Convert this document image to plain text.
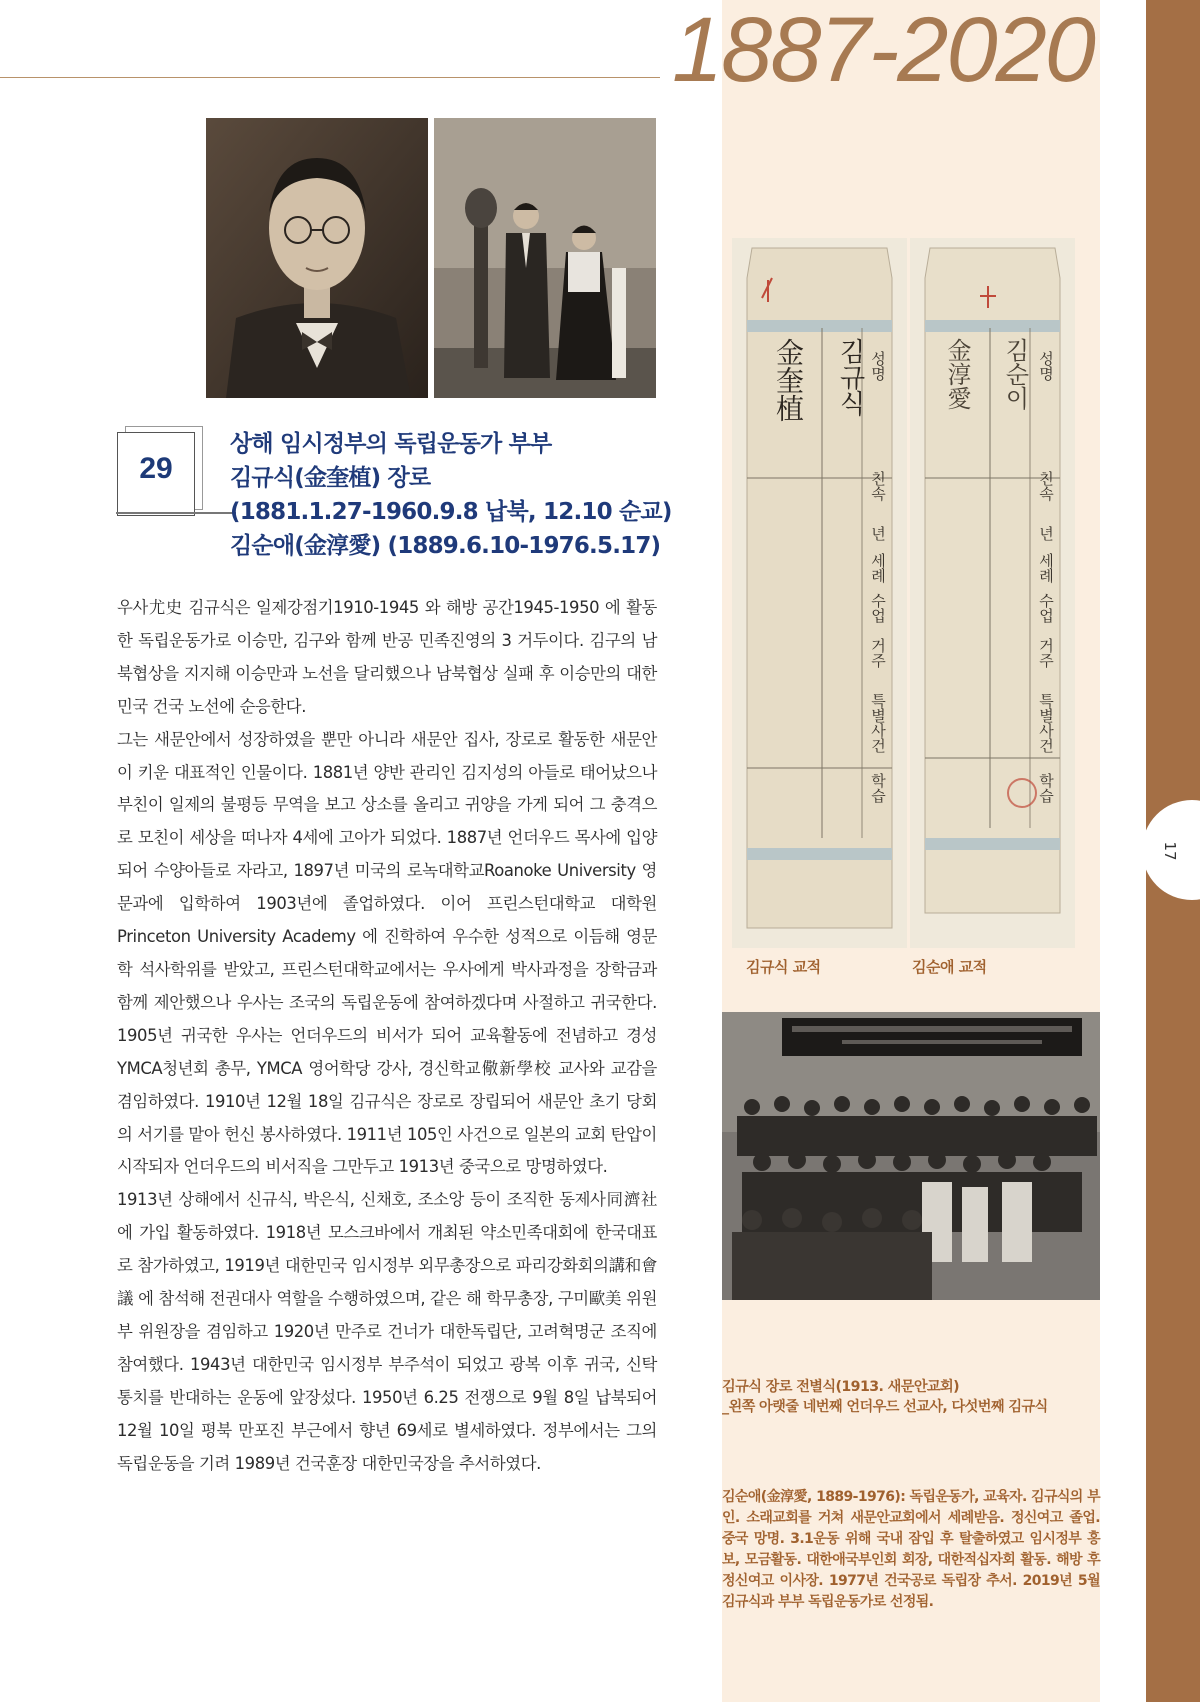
17
1887-2020
29
상해 임시정부의 독립운동가 부부
김규식(金奎植) 장로
(1881.1.27-1960.9.8 납북, 12.10 순교)
김순애(金淳愛) (1889.6.10-1976.5.17)

우사尤史 김규식은 일제강점기1910-1945 와 해방 공간1945-1950 에 활동한 독립운동가로 이승만, 김구와 함께 반공 민족진영의 3 거두이다. 김구의 남북협상을 지지해 이승만과 노선을 달리했으나 남북협상 실패 후 이승만의 대한민국 건국 노선에 순응한다.

그는 새문안에서 성장하였을 뿐만 아니라 새문안 집사, 장로로 활동한 새문안이 키운 대표적인 인물이다. 1881년 양반 관리인 김지성의 아들로 태어났으나 부친이 일제의 불평등 무역을 보고 상소를 올리고 귀양을 가게 되어 그 충격으로 모친이 세상을 떠나자 4세에 고아가 되었다. 1887년 언더우드 목사에 입양되어 수양아들로 자라고, 1897년 미국의 로녹대학교Roanoke University 영문과에 입학하여 1903년에 졸업하였다. 이어 프린스턴대학교 대학원Princeton University Academy 에 진학하여 우수한 성적으로 이듬해 영문학 석사학위를 받았고, 프린스턴대학교에서는 우사에게 박사과정을 장학금과 함께 제안했으나 우사는 조국의 독립운동에 참여하겠다며 사절하고 귀국한다. 1905년 귀국한 우사는 언더우드의 비서가 되어 교육활동에 전념하고 경성 YMCA청년회 총무, YMCA 영어학당 강사, 경신학교儆新學校 교사와 교감을 겸임하였다. 1910년 12월 18일 김규식은 장로로 장립되어 새문안 초기 당회의 서기를 맡아 헌신 봉사하였다. 1911년 105인 사건으로 일본의 교회 탄압이 시작되자 언더우드의 비서직을 그만두고 1913년 중국으로 망명하였다.

1913년 상해에서 신규식, 박은식, 신채호, 조소앙 등이 조직한 동제사同濟社 에 가입 활동하였다. 1918년 모스크바에서 개최된 약소민족대회에 한국대표로 참가하였고, 1919년 대한민국 임시정부 외무총장으로 파리강화회의講和會議 에 참석해 전권대사 역할을 수행하였으며, 같은 해 학무총장, 구미歐美 위원부 위원장을 겸임하고 1920년 만주로 건너가 대한독립단, 고려혁명군 조직에 참여했다. 1943년 대한민국 임시정부 부주석이 되었고 광복 이후 귀국, 신탁통치를 반대하는 운동에 앞장섰다. 1950년 6.25 전쟁으로 9월 8일 납북되어 12월 10일 평북 만포진 부근에서 향년 69세로 별세하였다. 정부에서는 그의 독립운동을 기려 1989년 건국훈장 대한민국장을 추서하였다.

성명
친속
년
세례
수업
거주
특별사건
학습
김규식
金奎植	성명
친속
년
세례
수업
거주
특별사건
학습
김순이
金淳愛
김규식 교적	김순애 교적
김규식 장로 전별식(1913. 새문안교회)
_왼쪽 아랫줄 네번째 언더우드 선교사, 다섯번째 김규식
김순애(金淳愛, 1889-1976): 독립운동가, 교육자. 김규식의 부인. 소래교회를 거쳐 새문안교회에서 세례받음. 정신여고 졸업. 중국 망명. 3.1운동 위해 국내 잠입 후 탈출하였고 임시정부 홍보, 모금활동. 대한애국부인회 회장, 대한적십자회 활동. 해방 후 정신여고 이사장. 1977년 건국공로 독립장 추서. 2019년 5월 김규식과 부부 독립운동가로 선정됨.
